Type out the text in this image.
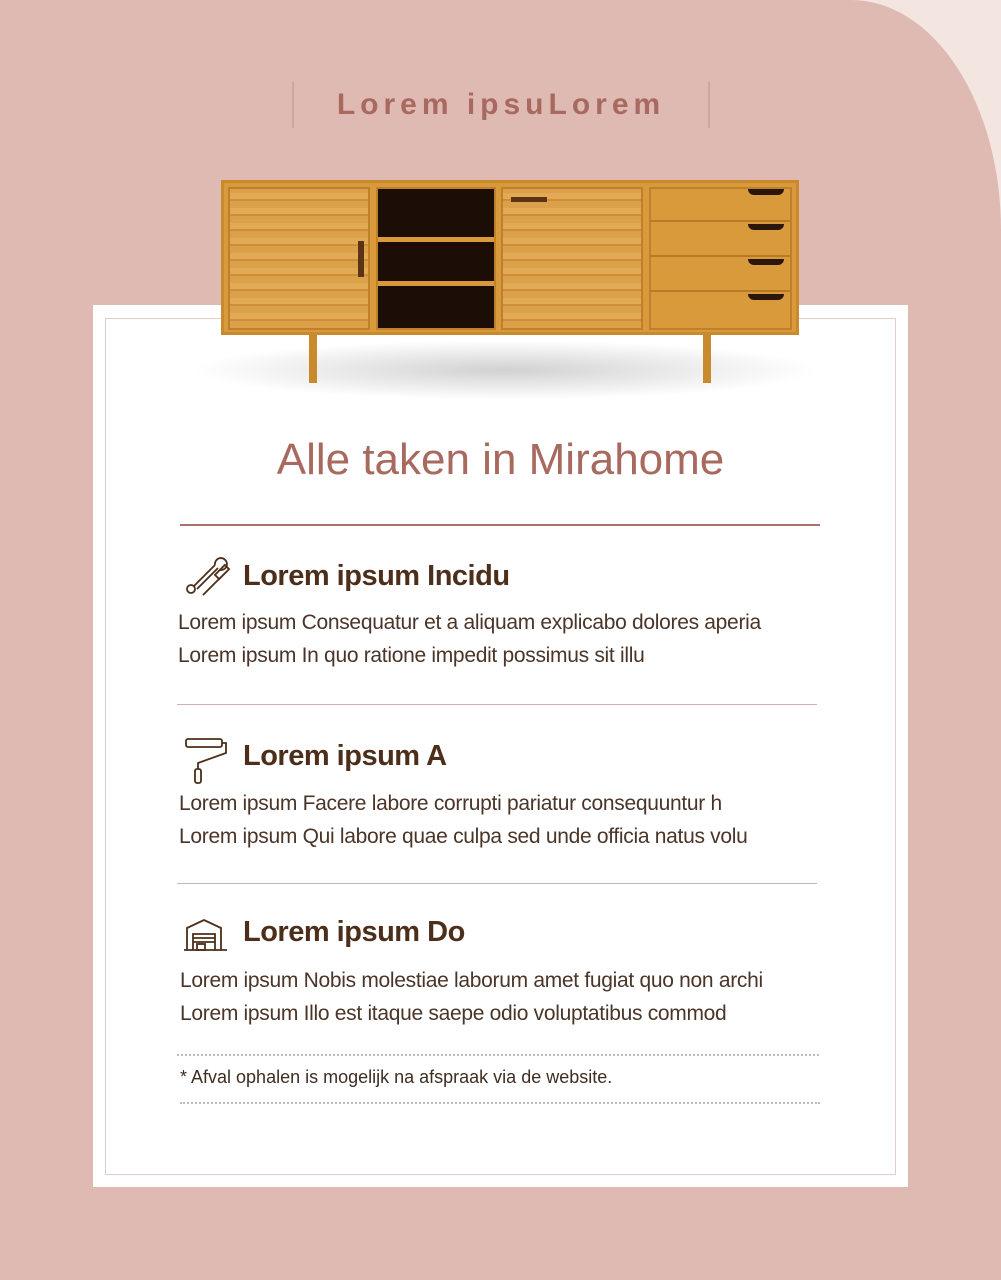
Lorem ipsuLorem
Alle taken in Mirahome
Lorem ipsum Incidu
Lorem ipsum Consequatur et a aliquam explicabo dolores aperia
Lorem ipsum In quo ratione impedit possimus sit illu
Lorem ipsum A
Lorem ipsum Facere labore corrupti pariatur consequuntur h
Lorem ipsum Qui labore quae culpa sed unde officia natus volu
Lorem ipsum Do
Lorem ipsum Nobis molestiae laborum amet fugiat quo non archi
Lorem ipsum Illo est itaque saepe odio voluptatibus commod
* Afval ophalen is mogelijk na afspraak via de website.
